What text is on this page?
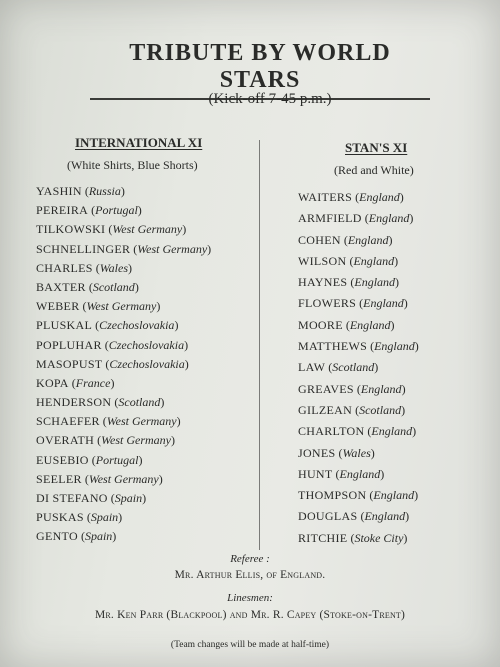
TRIBUTE BY WORLD STARS
(Kick-off 7-45 p.m.)
INTERNATIONAL XI
(White Shirts, Blue Shorts)
STAN'S XI
(Red and White)
YASHIN (Russia)
PEREIRA (Portugal)
TILKOWSKI (West Germany)
SCHNELLINGER (West Germany)
CHARLES (Wales)
BAXTER (Scotland)
WEBER (West Germany)
PLUSKAL (Czechoslovakia)
POPLUHAR (Czechoslovakia)
MASOPUST (Czechoslovakia)
KOPA (France)
HENDERSON (Scotland)
SCHAEFER (West Germany)
OVERATH (West Germany)
EUSEBIO (Portugal)
SEELER (West Germany)
DI STEFANO (Spain)
PUSKAS (Spain)
GENTO (Spain)
WAITERS (England)
ARMFIELD (England)
COHEN (England)
WILSON (England)
HAYNES (England)
FLOWERS (England)
MOORE (England)
MATTHEWS (England)
LAW (Scotland)
GREAVES (England)
GILZEAN (Scotland)
CHARLTON (England)
JONES (Wales)
HUNT (England)
THOMPSON (England)
DOUGLAS (England)
RITCHIE (Stoke City)
Referee :
Mr. Arthur Ellis, of England.
Linesmen:
Mr. Ken Parr (Blackpool) and Mr. R. Capey (Stoke-on-Trent)
(Team changes will be made at half-time)
